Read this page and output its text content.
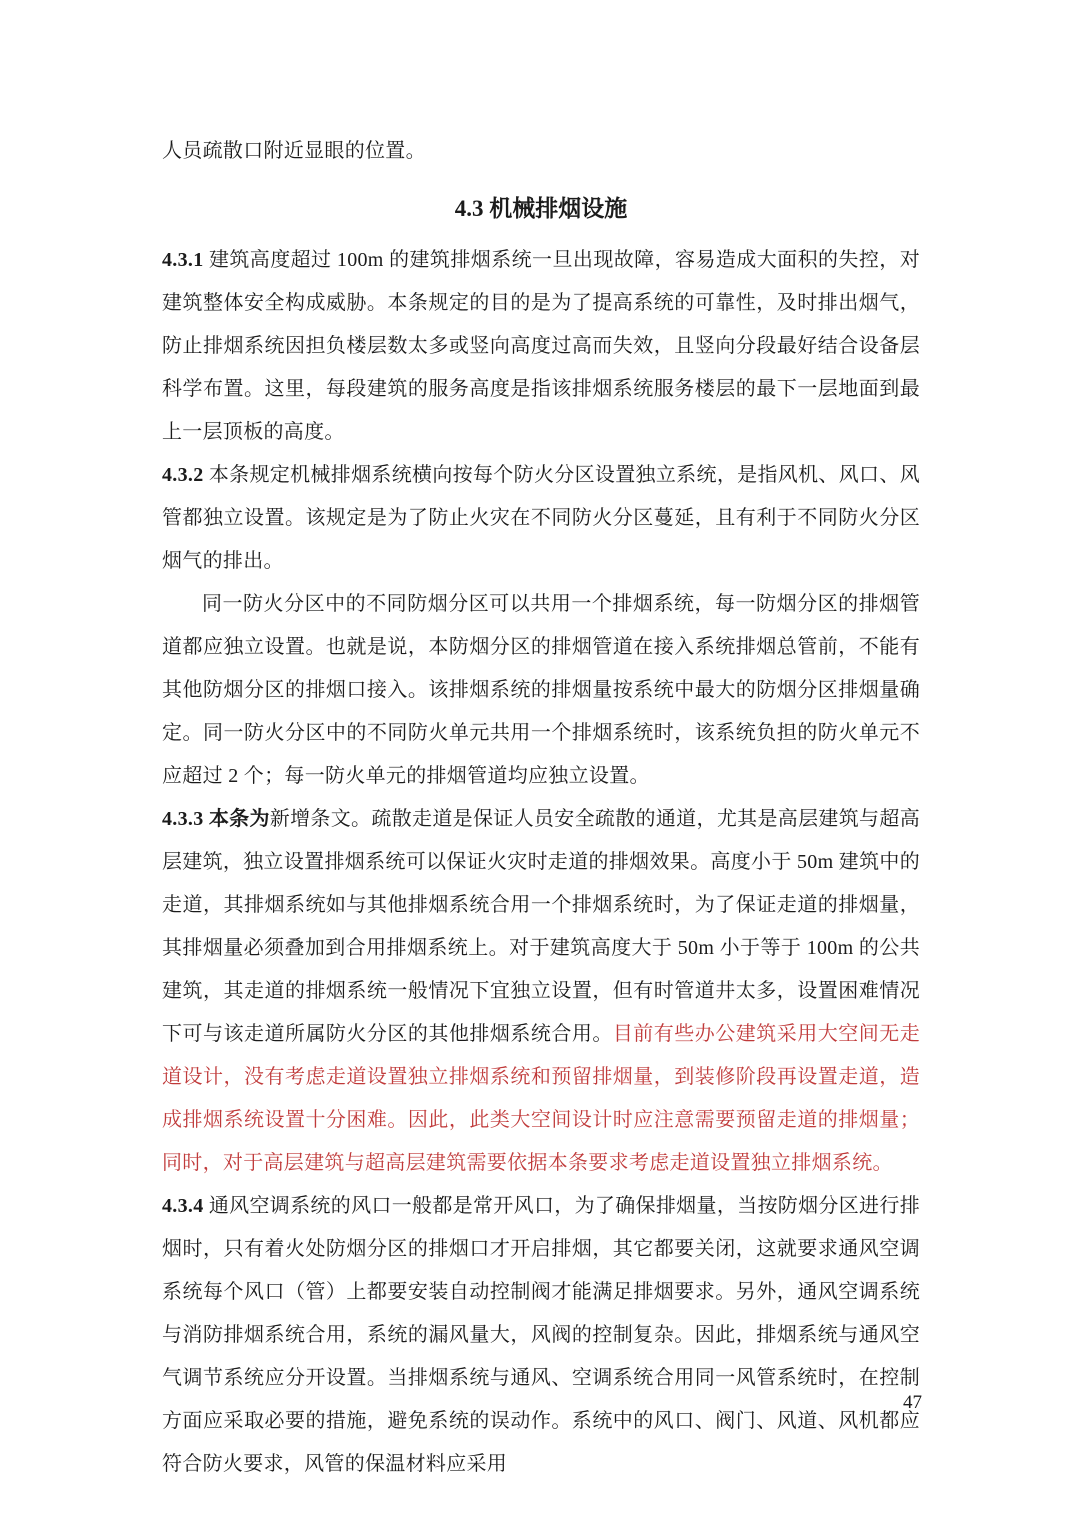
人员疏散口附近显眼的位置。

4.3 机械排烟设施

4.3.1 建筑高度超过 100m 的建筑排烟系统一旦出现故障，容易造成大面积的失控，对建筑整体安全构成威胁。本条规定的目的是为了提高系统的可靠性，及时排出烟气，防止排烟系统因担负楼层数太多或竖向高度过高而失效，且竖向分段最好结合设备层科学布置。这里，每段建筑的服务高度是指该排烟系统服务楼层的最下一层地面到最上一层顶板的高度。

4.3.2 本条规定机械排烟系统横向按每个防火分区设置独立系统，是指风机、风口、风管都独立设置。该规定是为了防止火灾在不同防火分区蔓延，且有利于不同防火分区烟气的排出。

同一防火分区中的不同防烟分区可以共用一个排烟系统，每一防烟分区的排烟管道都应独立设置。也就是说，本防烟分区的排烟管道在接入系统排烟总管前，不能有其他防烟分区的排烟口接入。该排烟系统的排烟量按系统中最大的防烟分区排烟量确定。同一防火分区中的不同防火单元共用一个排烟系统时，该系统负担的防火单元不应超过 2 个；每一防火单元的排烟管道均应独立设置。

4.3.3 本条为新增条文。疏散走道是保证人员安全疏散的通道，尤其是高层建筑与超高层建筑，独立设置排烟系统可以保证火灾时走道的排烟效果。高度小于 50m 建筑中的走道，其排烟系统如与其他排烟系统合用一个排烟系统时，为了保证走道的排烟量，其排烟量必须叠加到合用排烟系统上。对于建筑高度大于 50m 小于等于 100m 的公共建筑，其走道的排烟系统一般情况下宜独立设置，但有时管道井太多，设置困难情况下可与该走道所属防火分区的其他排烟系统合用。目前有些办公建筑采用大空间无走道设计，没有考虑走道设置独立排烟系统和预留排烟量，到装修阶段再设置走道，造成排烟系统设置十分困难。因此，此类大空间设计时应注意需要预留走道的排烟量；同时，对于高层建筑与超高层建筑需要依据本条要求考虑走道设置独立排烟系统。

4.3.4 通风空调系统的风口一般都是常开风口，为了确保排烟量，当按防烟分区进行排烟时，只有着火处防烟分区的排烟口才开启排烟，其它都要关闭，这就要求通风空调系统每个风口（管）上都要安装自动控制阀才能满足排烟要求。另外，通风空调系统与消防排烟系统合用，系统的漏风量大，风阀的控制复杂。因此，排烟系统与通风空气调节系统应分开设置。当排烟系统与通风、空调系统合用同一风管系统时，在控制方面应采取必要的措施，避免系统的误动作。系统中的风口、阀门、风道、风机都应符合防火要求，风管的保温材料应采用

47
